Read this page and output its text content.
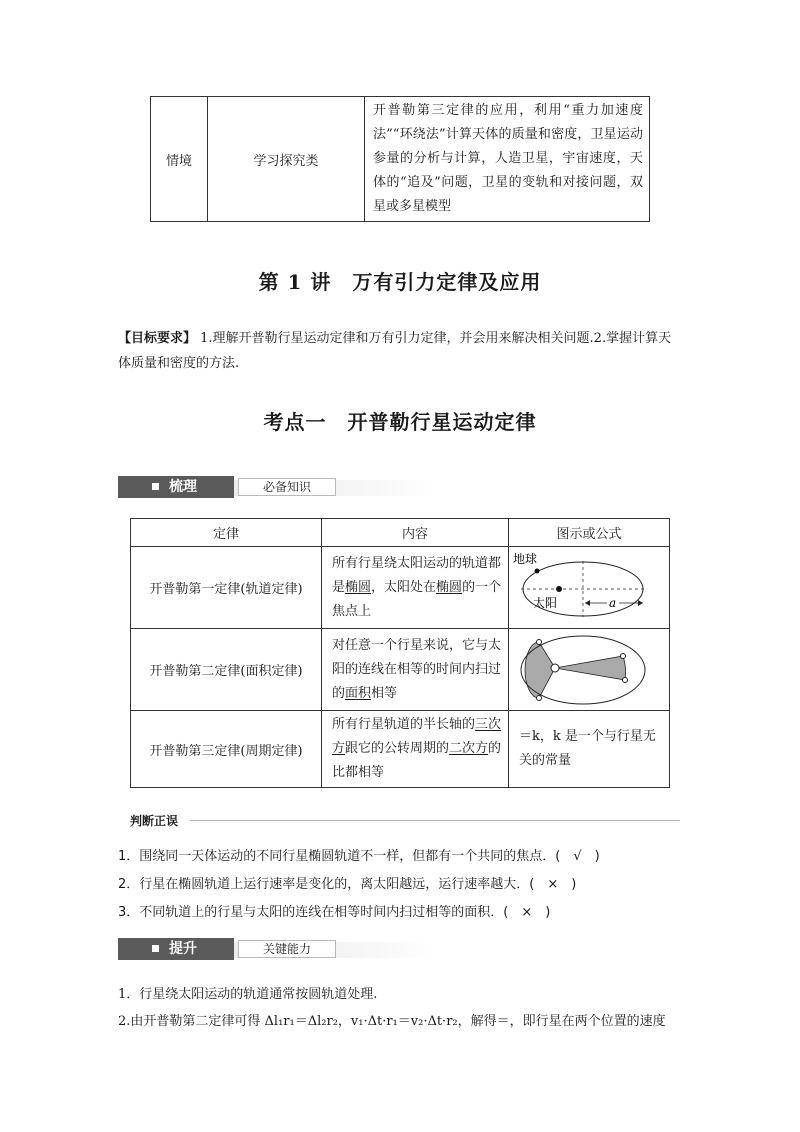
情境	学习探究类	开普勒第三定律的应用，利用“重力加速度法”“环绕法”计算天体的质量和密度，卫星运动参量的分析与计算，人造卫星，宇宙速度，天体的“追及”问题，卫星的变轨和对接问题，双星或多星模型
第 1 讲　万有引力定律及应用
【目标要求】 1.理解开普勒行星运动定律和万有引力定律，并会用来解决相关问题.2.掌握计算天体质量和密度的方法.
考点一　开普勒行星运动定律
梳理	必备知识
定律	内容	图示或公式
开普勒第一定律(轨道定律)	所有行星绕太阳运动的轨道都是椭圆，太阳处在椭圆的一个焦点上	地球
太阳 a

开普勒第二定律(面积定律)	对任意一个行星来说，它与太阳的连线在相等的时间内扫过的面积相等	
开普勒第三定律(周期定律)	所有行星轨道的半长轴的三次方跟它的公转周期的二次方的比都相等	＝k，k 是一个与行星无关的常量
判断正误
1．围绕同一天体运动的不同行星椭圆轨道不一样，但都有一个共同的焦点．(　√　)
2．行星在椭圆轨道上运行速率是变化的，离太阳越远，运行速率越大．(　×　)
3．不同轨道上的行星与太阳的连线在相等时间内扫过相等的面积．(　×　)
提升	关键能力
1．行星绕太阳运动的轨道通常按圆轨道处理.
2.由开普勒第二定律可得 Δl₁r₁＝Δl₂r₂，v₁·Δt·r₁＝v₂·Δt·r₂，解得＝，即行星在两个位置的速度
